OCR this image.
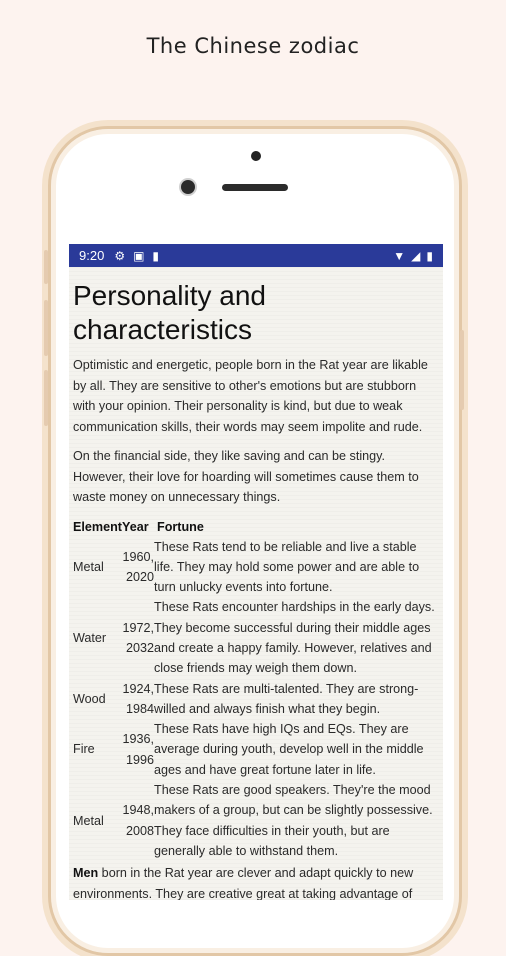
The Chinese zodiac
9:20 ⚙ ▣ ▮	▼ ◢ ▮
Personality and characteristics

Optimistic and energetic, people born in the Rat year are likable by all. They are sensitive to other's emotions but are stubborn with your opinion. Their personality is kind, but due to weak communication skills, their words may seem impolite and rude.

On the financial side, they like saving and can be stingy. However, their love for hoarding will sometimes cause them to waste money on unnecessary things.

Element	Year	Fortune
Metal	1960, 2020	These Rats tend to be reliable and live a stable life. They may hold some power and are able to turn unlucky events into fortune.
Water	1972, 2032	These Rats encounter hardships in the early days. They become successful during their middle ages and create a happy family. However, relatives and close friends may weigh them down.
Wood	1924, 1984	These Rats are multi-talented. They are strong-willed and always finish what they begin.
Fire	1936, 1996	These Rats have high IQs and EQs. They are average during youth, develop well in the middle ages and have great fortune later in life.
Metal	1948, 2008	These Rats are good speakers. They're the mood makers of a group, but can be slightly possessive. They face difficulties in their youth, but are generally able to withstand them.

Men born in the Rat year are clever and adapt quickly to new environments. They are creative great at taking advantage of
